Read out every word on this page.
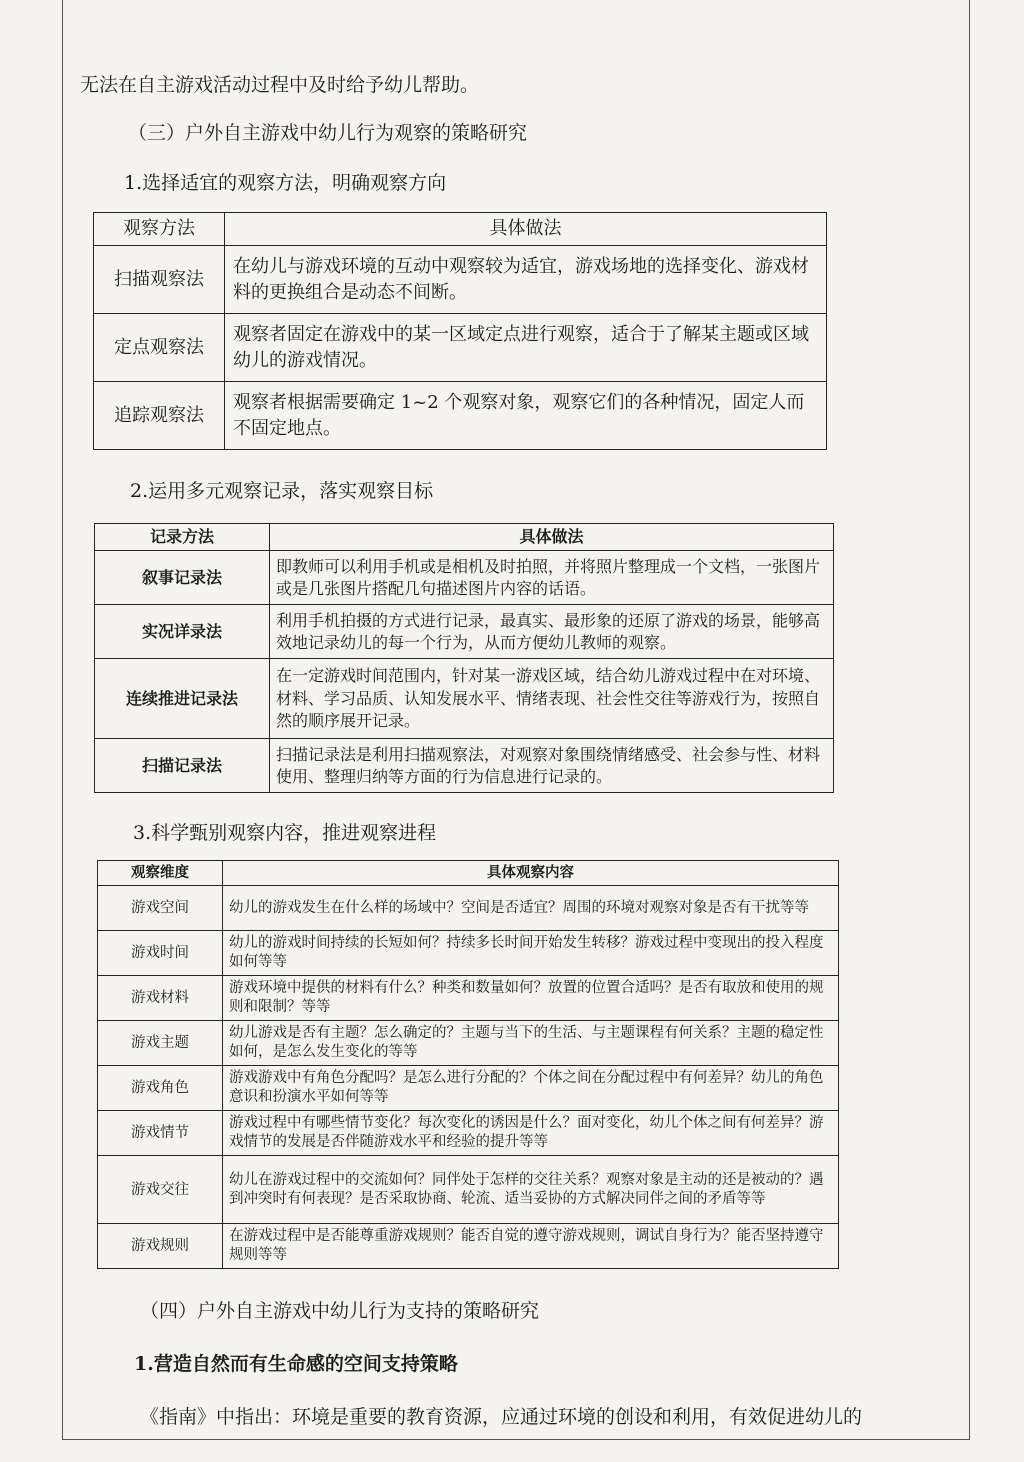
无法在自主游戏活动过程中及时给予幼儿帮助。
（三）户外自主游戏中幼儿行为观察的策略研究
1.选择适宜的观察方法，明确观察方向
观察方法	具体做法
扫描观察法	在幼儿与游戏环境的互动中观察较为适宜，游戏场地的选择变化、游戏材料的更换组合是动态不间断。
定点观察法	观察者固定在游戏中的某一区域定点进行观察，适合于了解某主题或区域幼儿的游戏情况。
追踪观察法	观察者根据需要确定 1~2 个观察对象，观察它们的各种情况，固定人而不固定地点。
2.运用多元观察记录，落实观察目标
记录方法	具体做法
叙事记录法	即教师可以利用手机或是相机及时拍照，并将照片整理成一个文档，一张图片或是几张图片搭配几句描述图片内容的话语。
实况详录法	利用手机拍摄的方式进行记录，最真实、最形象的还原了游戏的场景，能够高效地记录幼儿的每一个行为，从而方便幼儿教师的观察。
连续推进记录法	在一定游戏时间范围内，针对某一游戏区域，结合幼儿游戏过程中在对环境、材料、学习品质、认知发展水平、情绪表现、社会性交往等游戏行为，按照自然的顺序展开记录。
扫描记录法	扫描记录法是利用扫描观察法，对观察对象围绕情绪感受、社会参与性、材料使用、整理归纳等方面的行为信息进行记录的。
3.科学甄别观察内容，推进观察进程
观察维度	具体观察内容
游戏空间	幼儿的游戏发生在什么样的场域中？空间是否适宜？周围的环境对观察对象是否有干扰等等
游戏时间	幼儿的游戏时间持续的长短如何？持续多长时间开始发生转移？游戏过程中变现出的投入程度如何等等
游戏材料	游戏环境中提供的材料有什么？种类和数量如何？放置的位置合适吗？是否有取放和使用的规则和限制？等等
游戏主题	幼儿游戏是否有主题？怎么确定的？主题与当下的生活、与主题课程有何关系？主题的稳定性如何，是怎么发生变化的等等
游戏角色	游戏游戏中有角色分配吗？是怎么进行分配的？个体之间在分配过程中有何差异？幼儿的角色意识和扮演水平如何等等
游戏情节	游戏过程中有哪些情节变化？每次变化的诱因是什么？面对变化，幼儿个体之间有何差异？游戏情节的发展是否伴随游戏水平和经验的提升等等
游戏交往	幼儿在游戏过程中的交流如何？同伴处于怎样的交往关系？观察对象是主动的还是被动的？遇到冲突时有何表现？是否采取协商、轮流、适当妥协的方式解决同伴之间的矛盾等等
游戏规则	在游戏过程中是否能尊重游戏规则？能否自觉的遵守游戏规则，调试自身行为？能否坚持遵守规则等等
（四）户外自主游戏中幼儿行为支持的策略研究
1.营造自然而有生命感的空间支持策略
《指南》中指出：环境是重要的教育资源，应通过环境的创设和利用，有效促进幼儿的
